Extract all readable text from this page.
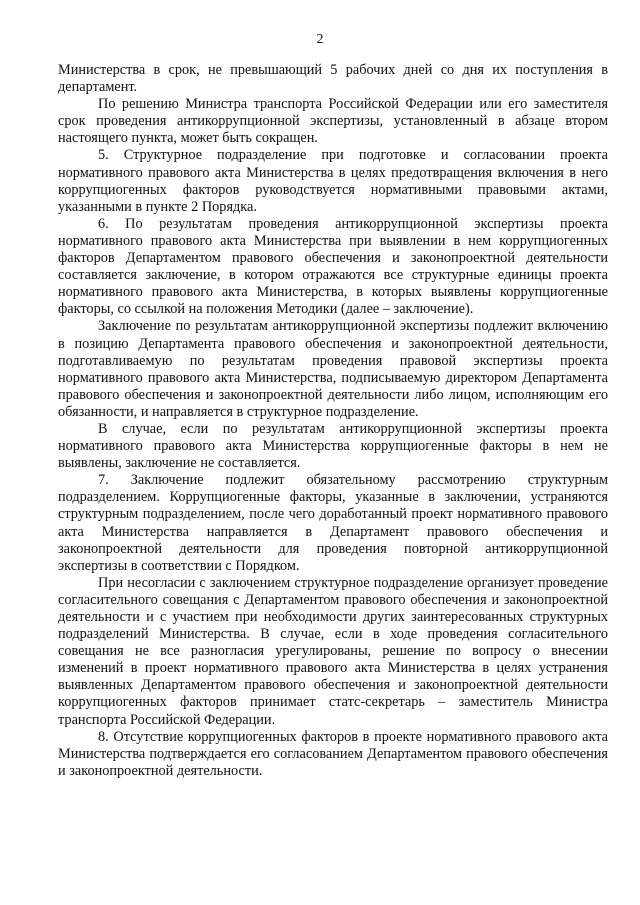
2

Министерства в срок, не превышающий 5 рабочих дней со дня их поступления в департамент.

По решению Министра транспорта Российской Федерации или его заместителя срок проведения антикоррупционной экспертизы, установленный в абзаце втором настоящего пункта, может быть сокращен.

5. Структурное подразделение при подготовке и согласовании проекта нормативного правового акта Министерства в целях предотвращения включения в него коррупциогенных факторов руководствуется нормативными правовыми актами, указанными в пункте 2 Порядка.

6. По результатам проведения антикоррупционной экспертизы проекта нормативного правового акта Министерства при выявлении в нем коррупциогенных факторов Департаментом правового обеспечения и законопроектной деятельности составляется заключение, в котором отражаются все структурные единицы проекта нормативного правового акта Министерства, в которых выявлены коррупциогенные факторы, со ссылкой на положения Методики (далее – заключение).

Заключение по результатам антикоррупционной экспертизы подлежит включению в позицию Департамента правового обеспечения и законопроектной деятельности, подготавливаемую по результатам проведения правовой экспертизы проекта нормативного правового акта Министерства, подписываемую директором Департамента правового обеспечения и законопроектной деятельности либо лицом, исполняющим его обязанности, и направляется в структурное подразделение.

В случае, если по результатам антикоррупционной экспертизы проекта нормативного правового акта Министерства коррупциогенные факторы в нем не выявлены, заключение не составляется.

7. Заключение подлежит обязательному рассмотрению структурным подразделением. Коррупциогенные факторы, указанные в заключении, устраняются структурным подразделением, после чего доработанный проект нормативного правового акта Министерства направляется в Департамент правового обеспечения и законопроектной деятельности для проведения повторной антикоррупционной экспертизы в соответствии с Порядком.

При несогласии с заключением структурное подразделение организует проведение согласительного совещания с Департаментом правового обеспечения и законопроектной деятельности и с участием при необходимости других заинтересованных структурных подразделений Министерства. В случае, если в ходе проведения согласительного совещания не все разногласия урегулированы, решение по вопросу о внесении изменений в проект нормативного правового акта Министерства в целях устранения выявленных Департаментом правового обеспечения и законопроектной деятельности коррупциогенных факторов принимает статс-секретарь – заместитель Министра транспорта Российской Федерации.

8. Отсутствие коррупциогенных факторов в проекте нормативного правового акта Министерства подтверждается его согласованием Департаментом правового обеспечения и законопроектной деятельности.
